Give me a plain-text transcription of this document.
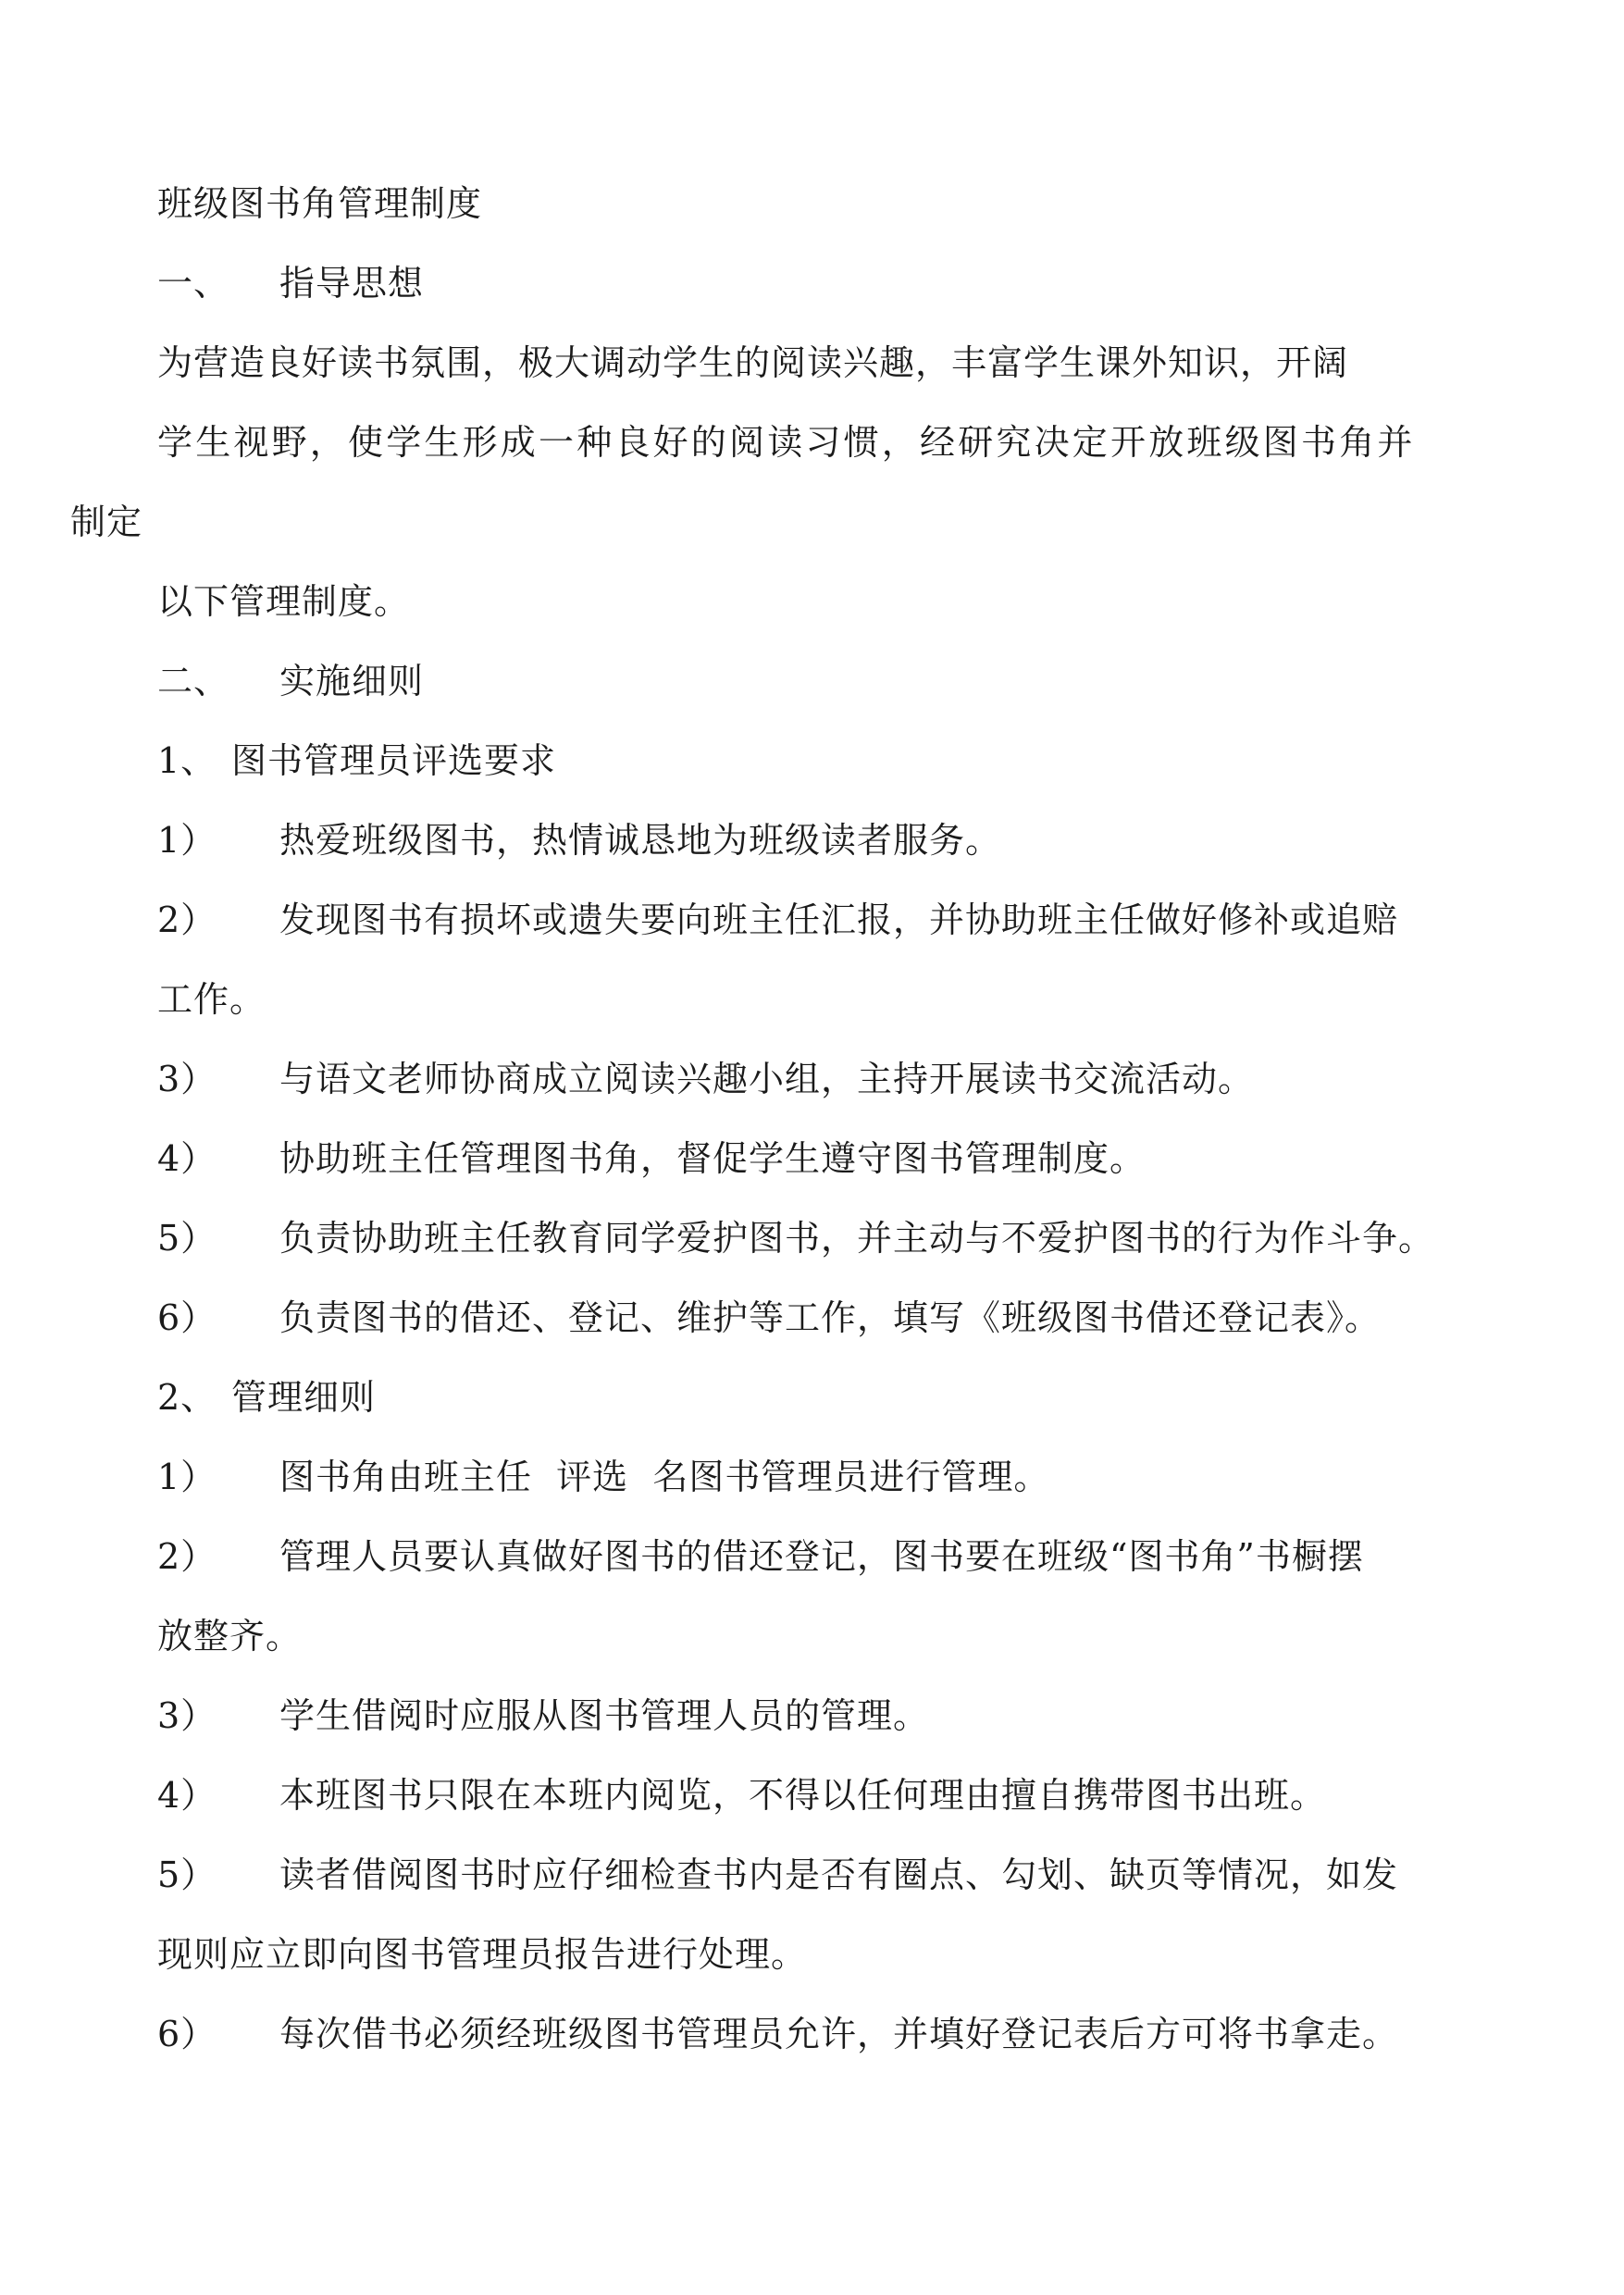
班级图书角管理制度
一、 指导思想
为营造良好读书氛围，极大调动学生的阅读兴趣，丰富学生课外知识，开阔
学生视野，使学生形成一种良好的阅读习惯，经研究决定开放班级图书角并
制定
以下管理制度。
二、 实施细则
1、 图书管理员评选要求
1） 热爱班级图书，热情诚恳地为班级读者服务。
2） 发现图书有损坏或遗失要向班主任汇报，并协助班主任做好修补或追赔
工作。
3） 与语文老师协商成立阅读兴趣小组，主持开展读书交流活动。
4） 协助班主任管理图书角，督促学生遵守图书管理制度。
5） 负责协助班主任教育同学爱护图书，并主动与不爱护图书的行为作斗争。
6） 负责图书的借还、登记、维护等工作，填写《班级图书借还登记表》。
2、 管理细则
1） 图书角由班主任  评选  名图书管理员进行管理。
2） 管理人员要认真做好图书的借还登记，图书要在班级“图书角”书橱摆
放整齐。
3） 学生借阅时应服从图书管理人员的管理。
4） 本班图书只限在本班内阅览，不得以任何理由擅自携带图书出班。
5） 读者借阅图书时应仔细检查书内是否有圈点、勾划、缺页等情况，如发
现则应立即向图书管理员报告进行处理。
6） 每次借书必须经班级图书管理员允许，并填好登记表后方可将书拿走。
